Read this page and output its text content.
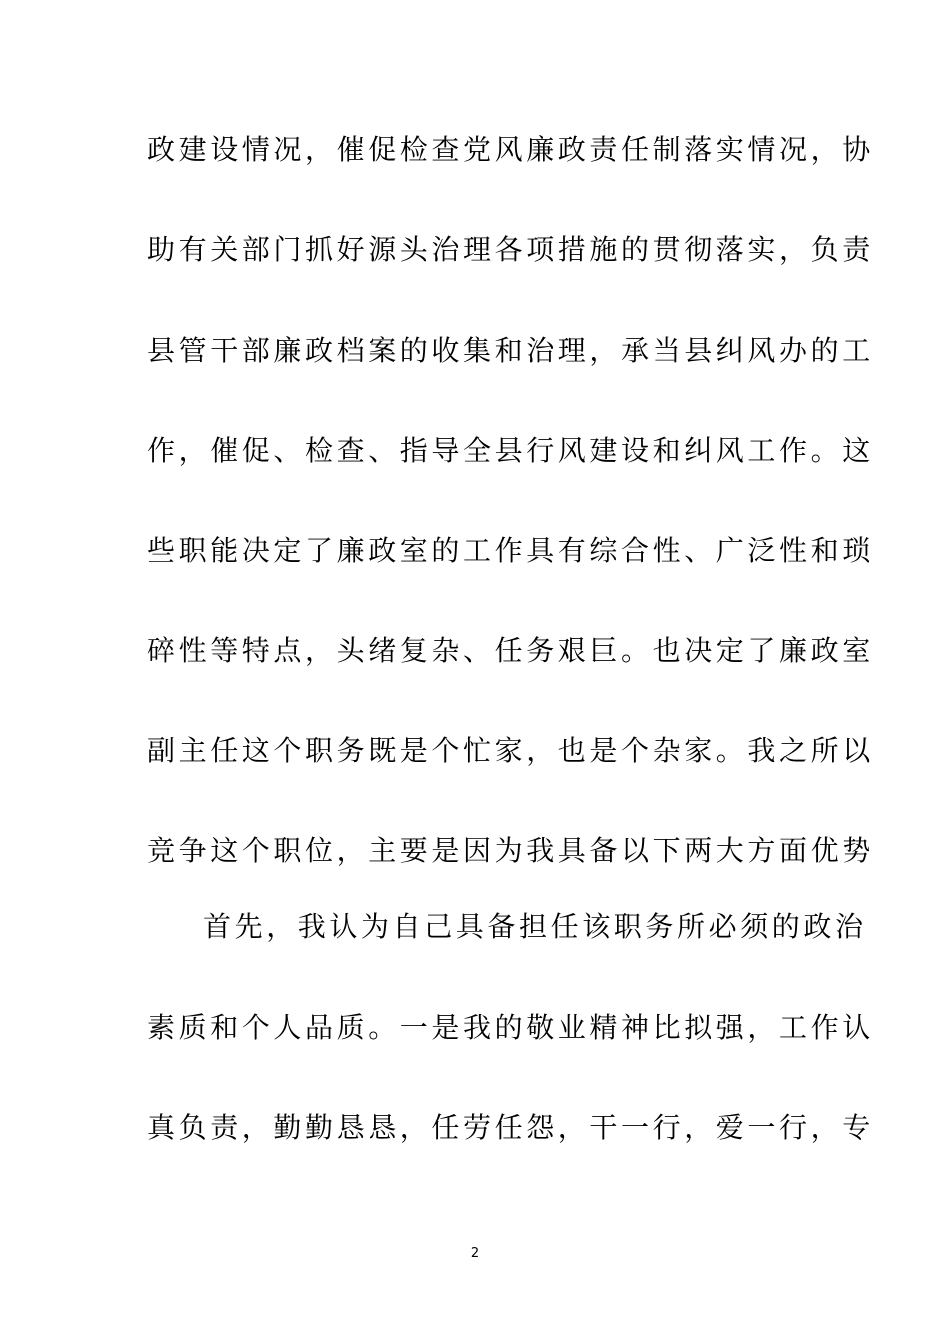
政建设情况，催促检查党风廉政责任制落实情况，协
助有关部门抓好源头治理各项措施的贯彻落实，负责
县管干部廉政档案的收集和治理，承当县纠风办的工
作，催促、检查、指导全县行风建设和纠风工作。这
些职能决定了廉政室的工作具有综合性、广泛性和琐
碎性等特点，头绪复杂、任务艰巨。也决定了廉政室
副主任这个职务既是个忙家，也是个杂家。我之所以
竞争这个职位，主要是因为我具备以下两大方面优势
首先，我认为自己具备担任该职务所必须的政治
素质和个人品质。一是我的敬业精神比拟强，工作认
真负责，勤勤恳恳，任劳任怨，干一行，爱一行，专
2
